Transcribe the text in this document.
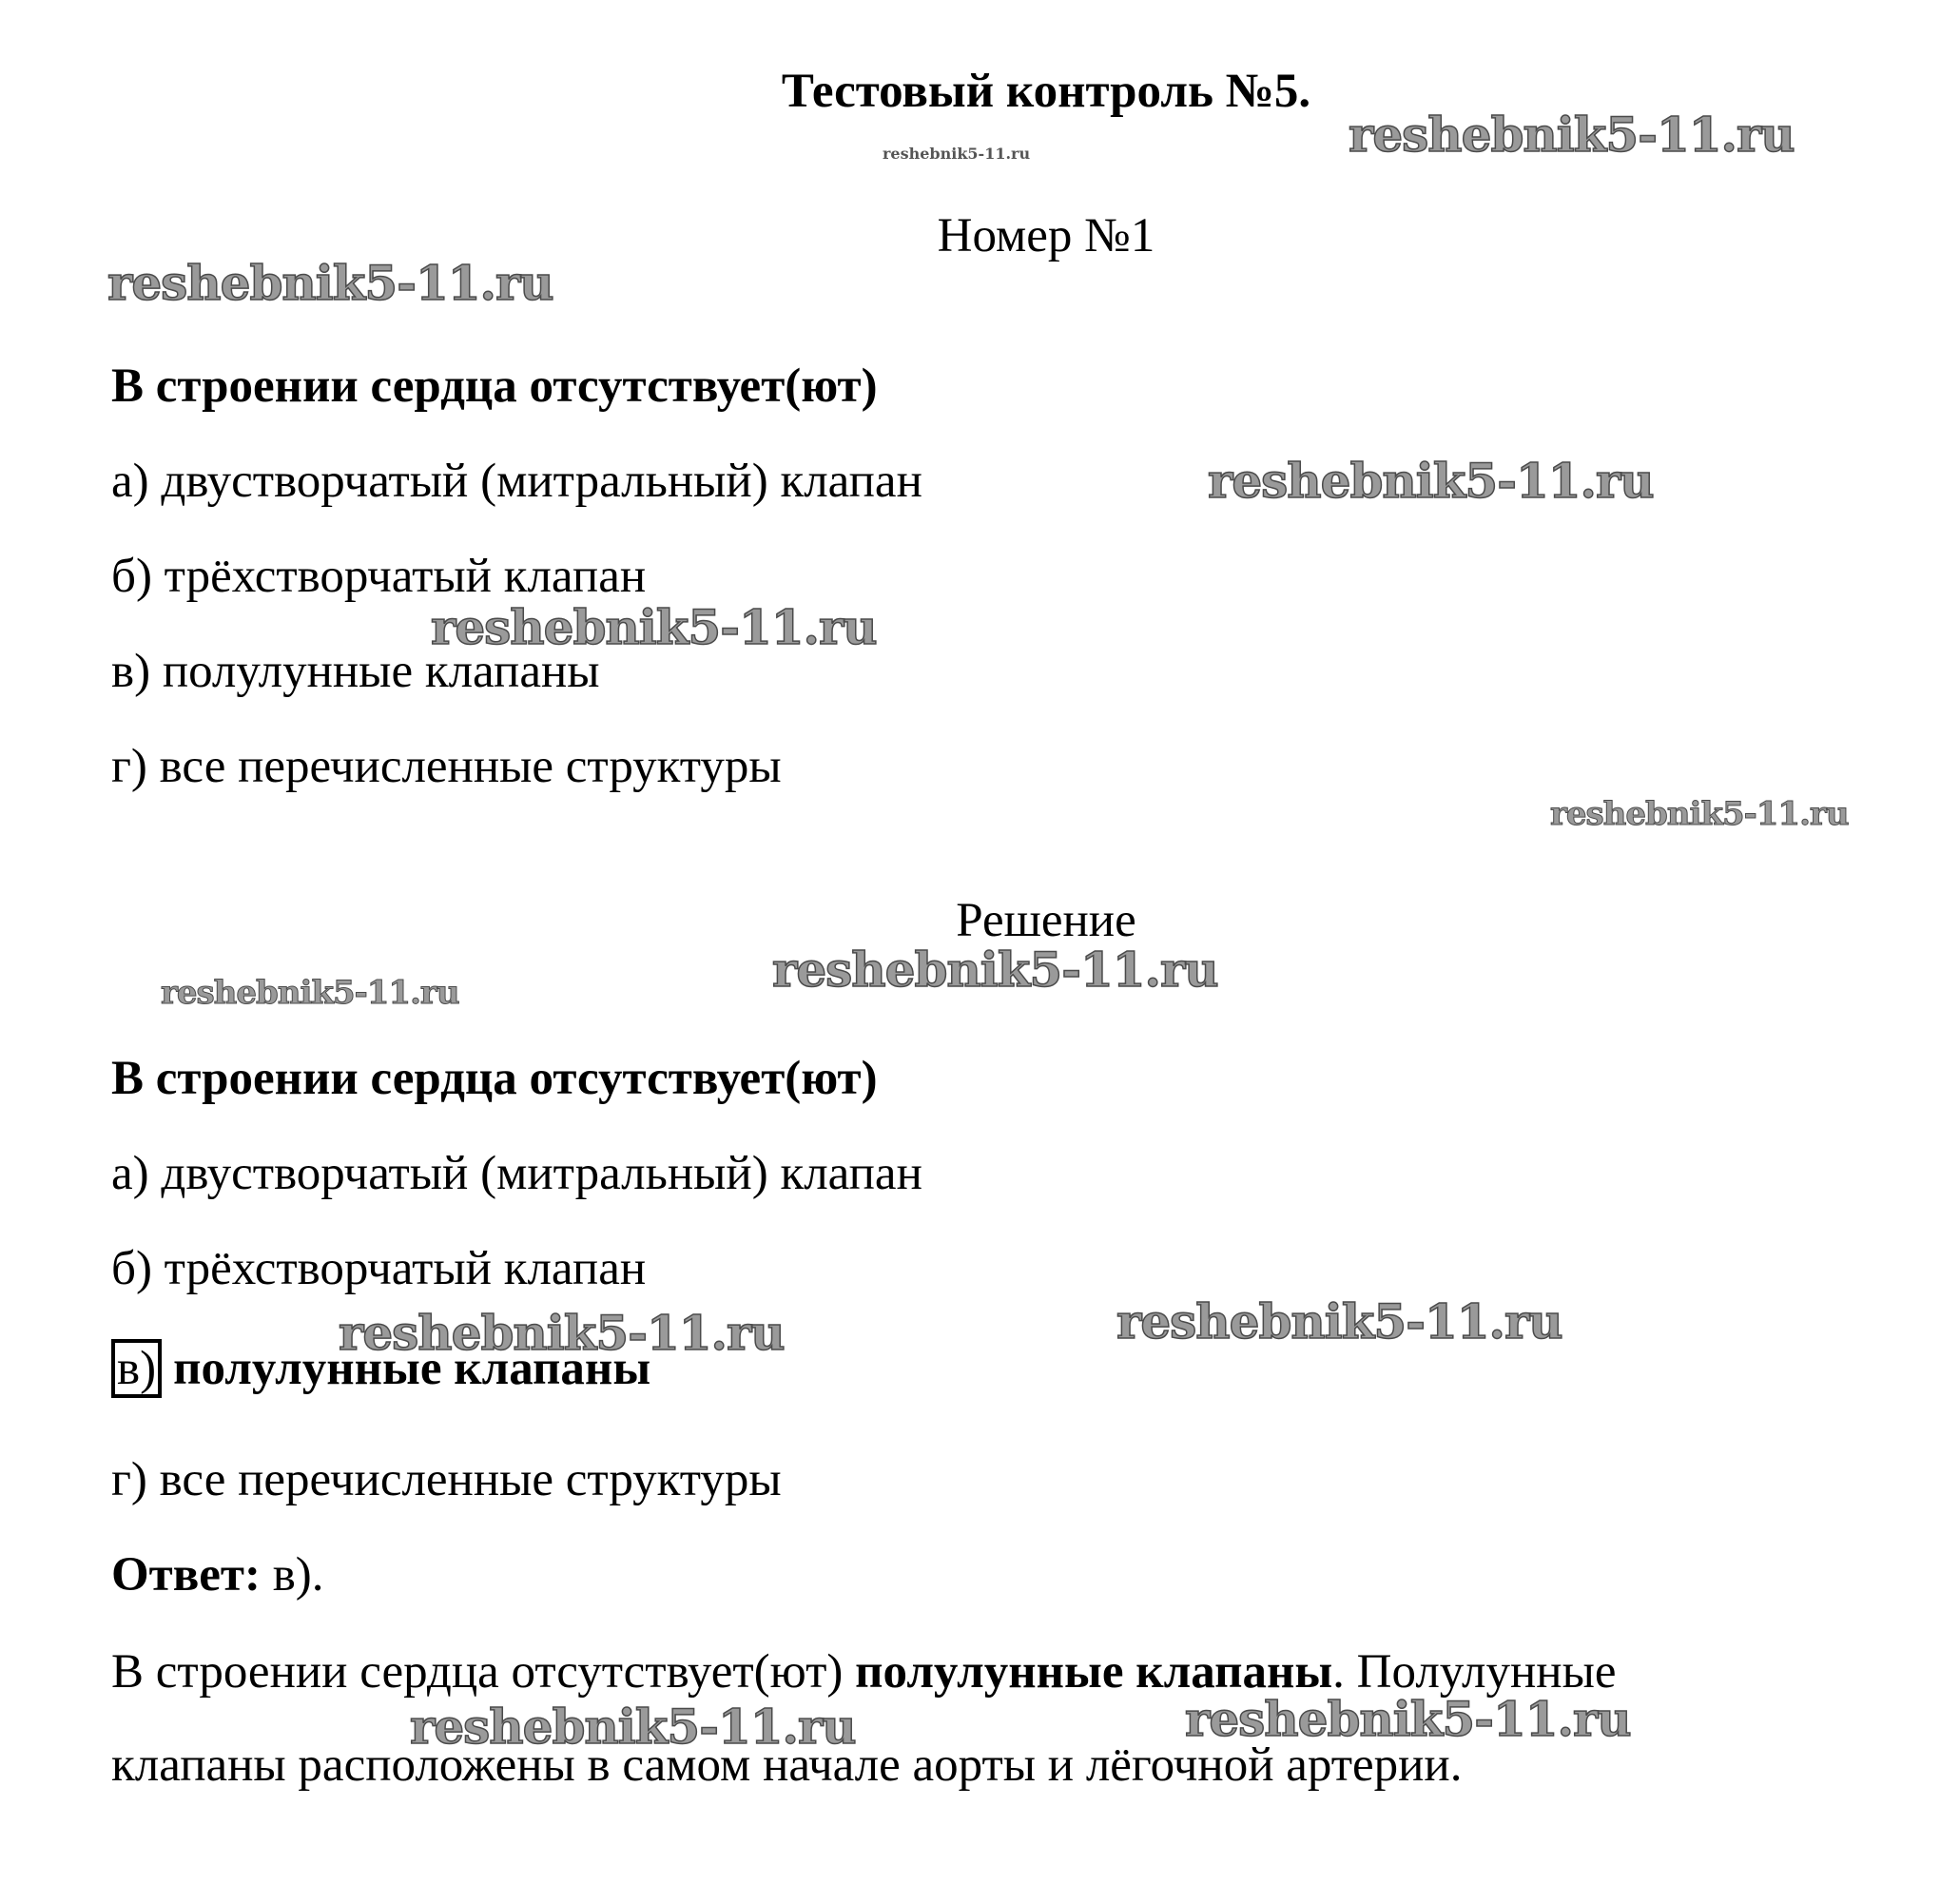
Тестовый контроль №5.
Номер №1
В строении сердца отсутствует(ют)
а) двустворчатый (митральный) клапан
б) трёхстворчатый клапан
в) полулунные клапаны
г) все перечисленные структуры
Решение
В строении сердца отсутствует(ют)
а) двустворчатый (митральный) клапан
б) трёхстворчатый клапан
в) полулунные клапаны
г) все перечисленные структуры
Ответ: в).
В строении сердца отсутствует(ют) полулунные клапаны. Полулунные
клапаны расположены в самом начале аорты и лёгочной артерии.
reshebnik5-11.ru
reshebnik5-11.ru
reshebnik5-11.ru
reshebnik5-11.ru
reshebnik5-11.ru
reshebnik5-11.ru
reshebnik5-11.ru
reshebnik5-11.ru
reshebnik5-11.ru
reshebnik5-11.ru
reshebnik5-11.ru	reshebnik5-11.ru
